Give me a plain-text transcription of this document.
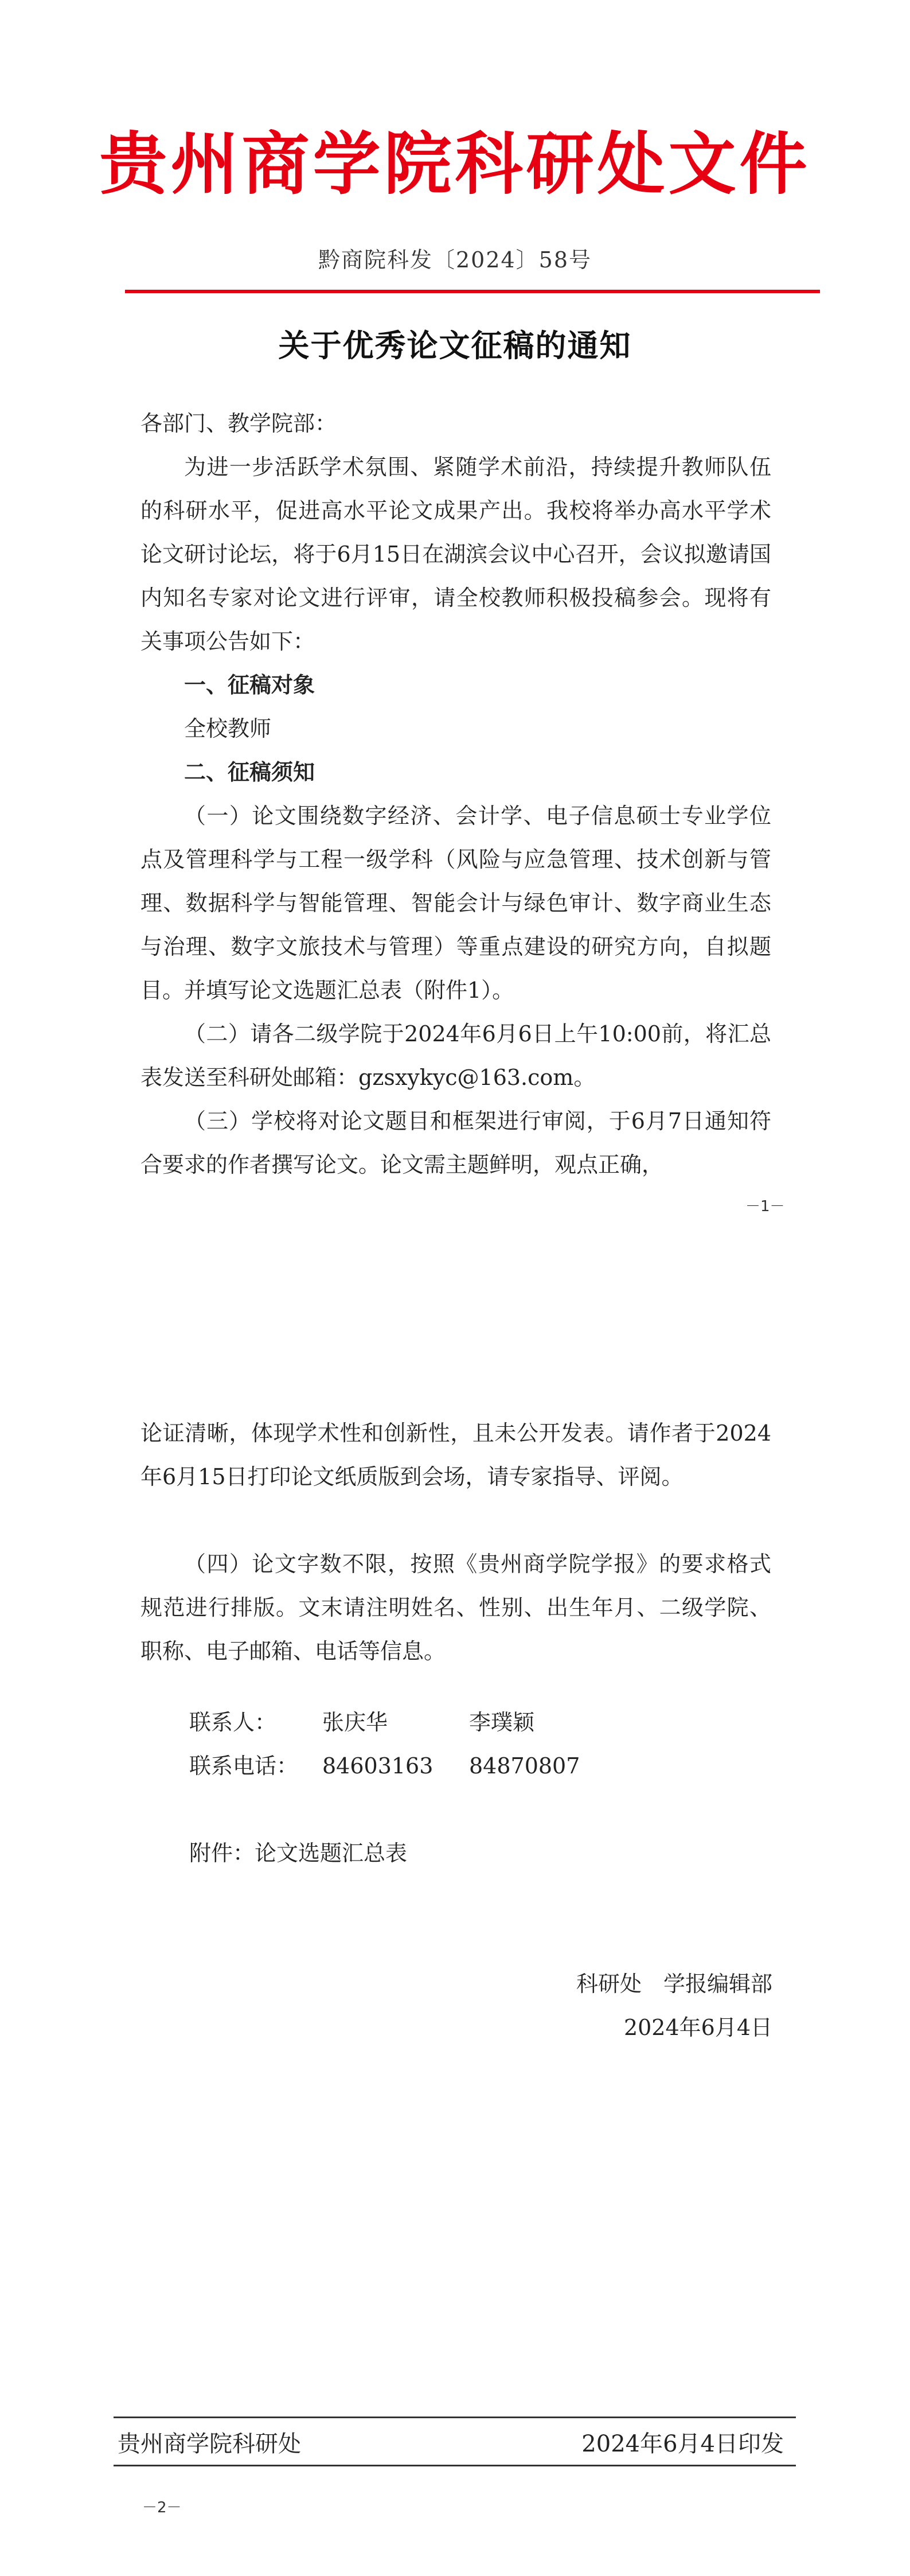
贵州商学院科研处文件
黔商院科发〔2024〕58号
关于优秀论文征稿的通知
各部门、教学院部：
为进一步活跃学术氛围、紧随学术前沿，持续提升教师队伍的科研水平，促进高水平论文成果产出。我校将举办高水平学术论文研讨论坛，将于6月15日在湖滨会议中心召开，会议拟邀请国内知名专家对论文进行评审，请全校教师积极投稿参会。现将有关事项公告如下：
一、征稿对象
全校教师
二、征稿须知
（一）论文围绕数字经济、会计学、电子信息硕士专业学位点及管理科学与工程一级学科（风险与应急管理、技术创新与管理、数据科学与智能管理、智能会计与绿色审计、数字商业生态与治理、数字文旅技术与管理）等重点建设的研究方向，自拟题目。并填写论文选题汇总表（附件1）。
（二）请各二级学院于2024年6月6日上午10:00前，将汇总表发送至科研处邮箱：gzsxykyc@163.com。
（三）学校将对论文题目和框架进行审阅，于6月7日通知符合要求的作者撰写论文。论文需主题鲜明，观点正确，
－1－
论证清晰，体现学术性和创新性，且未公开发表。请作者于2024年6月15日打印论文纸质版到会场，请专家指导、评阅。
（四）论文字数不限，按照《贵州商学院学报》的要求格式规范进行排版。文末请注明姓名、性别、出生年月、二级学院、职称、电子邮箱、电话等信息。
联系人： 张庆华	李璞颖
联系电话： 84603163 84870807
附件：论文选题汇总表
科研处　学报编辑部
2024年6月4日
贵州商学院科研处	2024年6月4日印发
－2－
